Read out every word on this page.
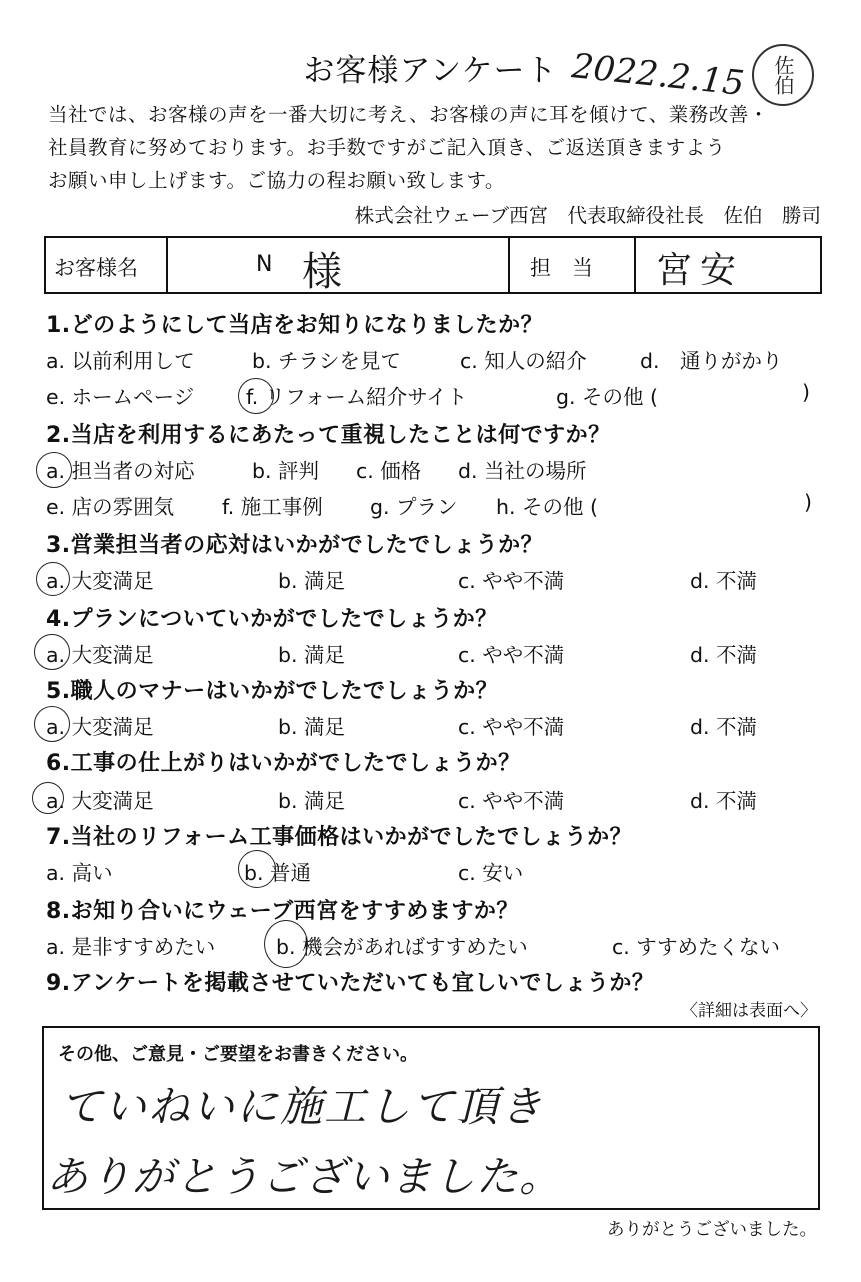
お客様アンケート 2022.2.15 佐伯
当社では、お客様の声を一番大切に考え、お客様の声に耳を傾けて、業務改善・
社員教育に努めております。お手数ですがご記入頂き、ご返送頂きますよう
お願い申し上げます。ご協力の程お願い致します。
株式会社ウェーブ西宮　代表取締役社長　佐伯　勝司
お客様名	N 様	担　当 宮安
1.どのようにして当店をお知りになりましたか？
a. 以前利用して	b. チラシを見て	c. 知人の紹介	d.　通りがかり
e. ホームページ	f. リフォーム紹介サイト	g. その他 (	)
2.当店を利用するにあたって重視したことは何ですか？
a. 担当者の対応	b. 評判 c. 価格 d. 当社の場所
e. 店の雰囲気 f. 施工事例 g. プラン h. その他 (	)
3.営業担当者の応対はいかがでしたでしょうか？
a. 大変満足	b. 満足	c. やや不満	d. 不満
4.プランについていかがでしたでしょうか？
a. 大変満足	b. 満足	c. やや不満	d. 不満
5.職人のマナーはいかがでしたでしょうか？
a. 大変満足	b. 満足	c. やや不満	d. 不満
6.工事の仕上がりはいかがでしたでしょうか？
a. 大変満足	b. 満足	c. やや不満	d. 不満
7.当社のリフォーム工事価格はいかがでしたでしょうか？
a. 高い	b. 普通	c. 安い
8.お知り合いにウェーブ西宮をすすめますか？
a. 是非すすめたい	b. 機会があればすすめたい	c. すすめたくない
9.アンケートを掲載させていただいても宜しいでしょうか？
〈詳細は表面へ〉
その他、ご意見・ご要望をお書きください。
ていねいに施工して頂き
ありがとうございました。
ありがとうございました。
